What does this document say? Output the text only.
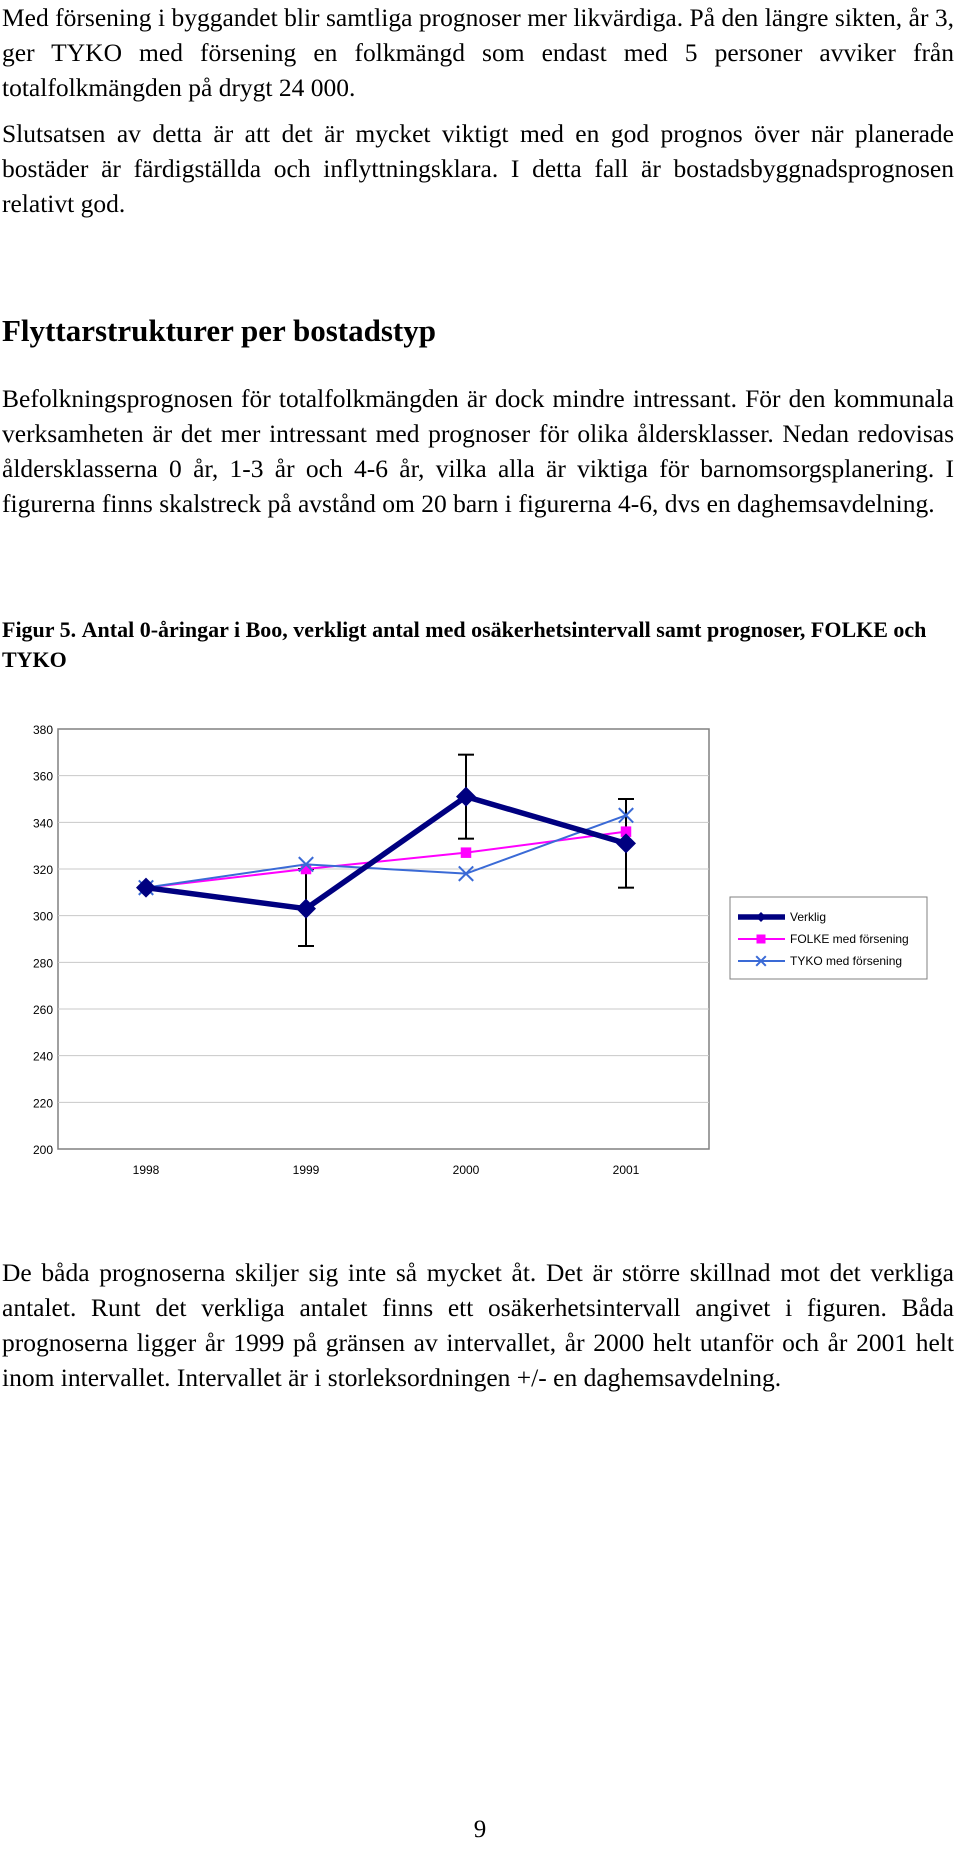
Med försening i byggandet blir samtliga prognoser mer likvärdiga. På den längre sikten, år 3, ger TYKO med försening en folkmängd som endast med 5 personer avviker från totalfolkmängden på drygt 24 000.

Slutsatsen av detta är att det är mycket viktigt med en god prognos över när planerade bostäder är färdigställda och inflyttningsklara. I detta fall är bostadsbyggnadsprognosen relativt god.

Flyttarstrukturer per bostadstyp

Befolkningsprognosen för totalfolkmängden är dock mindre intressant. För den kommunala verksamheten är det mer intressant med prognoser för olika åldersklasser. Nedan redovisas åldersklasserna 0 år, 1-3 år och 4-6 år, vilka alla är viktiga för barnomsorgsplanering. I figurerna finns skalstreck på avstånd om 20 barn i figurerna 4-6, dvs en daghemsavdelning.

Figur 5. Antal 0-åringar i Boo, verkligt antal med osäkerhetsintervall samt prognoser, FOLKE och TYKO

200
220
240
260
280
300
320
340
360
380
1998	1999	2000	2001
Verklig
FOLKE med försening
TYKO med försening

De båda prognoserna skiljer sig inte så mycket åt. Det är större skillnad mot det verkliga antalet. Runt det verkliga antalet finns ett osäkerhetsintervall angivet i figuren. Båda prognoserna ligger år 1999 på gränsen av intervallet, år 2000 helt utanför och år 2001 helt inom intervallet. Intervallet är i storleksordningen +/- en daghemsavdelning.

9
